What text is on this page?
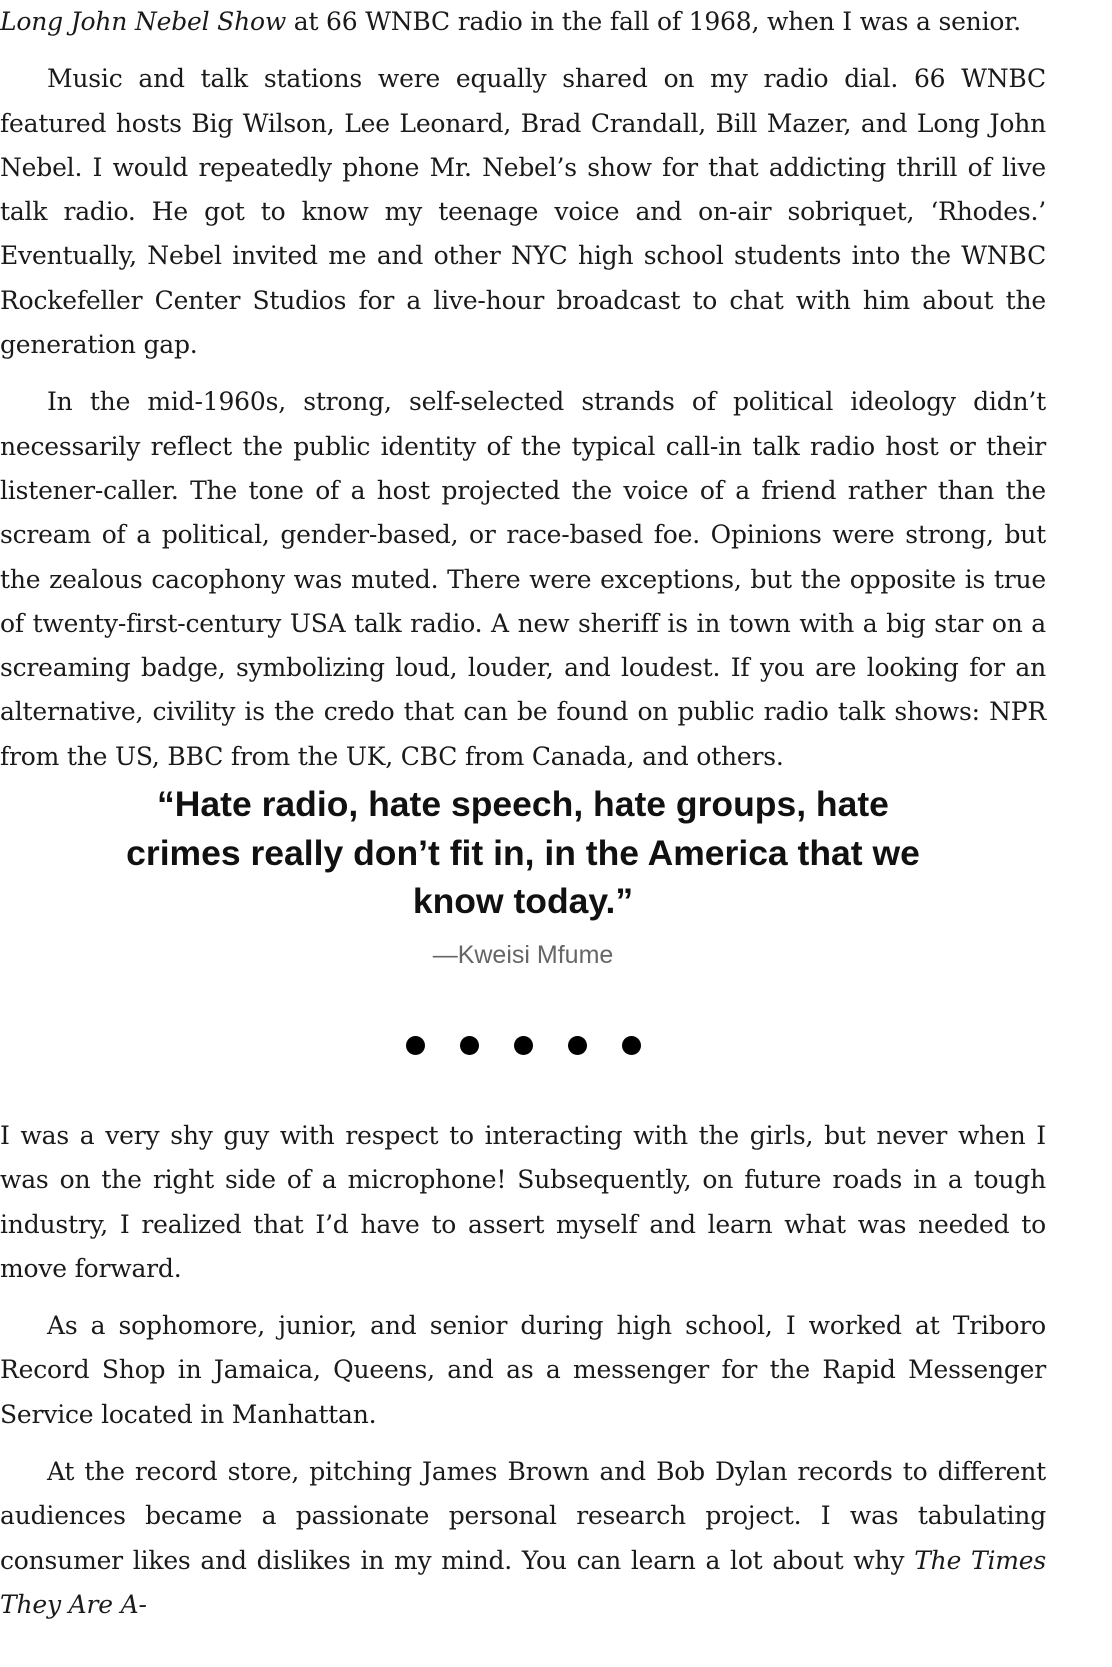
Long John Nebel Show at 66 WNBC radio in the fall of 1968, when I was a senior.

Music and talk stations were equally shared on my radio dial. 66 WNBC featured hosts Big Wilson, Lee Leonard, Brad Crandall, Bill Mazer, and Long John Nebel. I would repeatedly phone Mr. Nebel’s show for that addicting thrill of live talk radio. He got to know my teenage voice and on-air sobriquet, ‘Rhodes.’ Eventually, Nebel invited me and other NYC high school students into the WNBC Rockefeller Center Studios for a live-hour broadcast to chat with him about the generation gap.

In the mid-1960s, strong, self-selected strands of political ideology didn’t necessarily reflect the public identity of the typical call-in talk radio host or their listener-caller. The tone of a host projected the voice of a friend rather than the scream of a political, gender-based, or race-based foe. Opinions were strong, but the zealous cacophony was muted. There were exceptions, but the opposite is true of twenty-first-century USA talk radio. A new sheriff is in town with a big star on a screaming badge, symbolizing loud, louder, and loudest. If you are looking for an alternative, civility is the credo that can be found on public radio talk shows: NPR from the US, BBC from the UK, CBC from Canada, and others.

“Hate radio, hate speech, hate groups, hate crimes really don’t fit in, in the America that we know today.”
—Kweisi Mfume

I was a very shy guy with respect to interacting with the girls, but never when I was on the right side of a microphone! Subsequently, on future roads in a tough industry, I realized that I’d have to assert myself and learn what was needed to move forward.

As a sophomore, junior, and senior during high school, I worked at Triboro Record Shop in Jamaica, Queens, and as a messenger for the Rapid Messenger Service located in Manhattan.

At the record store, pitching James Brown and Bob Dylan records to different audiences became a passionate personal research project. I was tabulating consumer likes and dislikes in my mind. You can learn a lot about why The Times They Are A-
